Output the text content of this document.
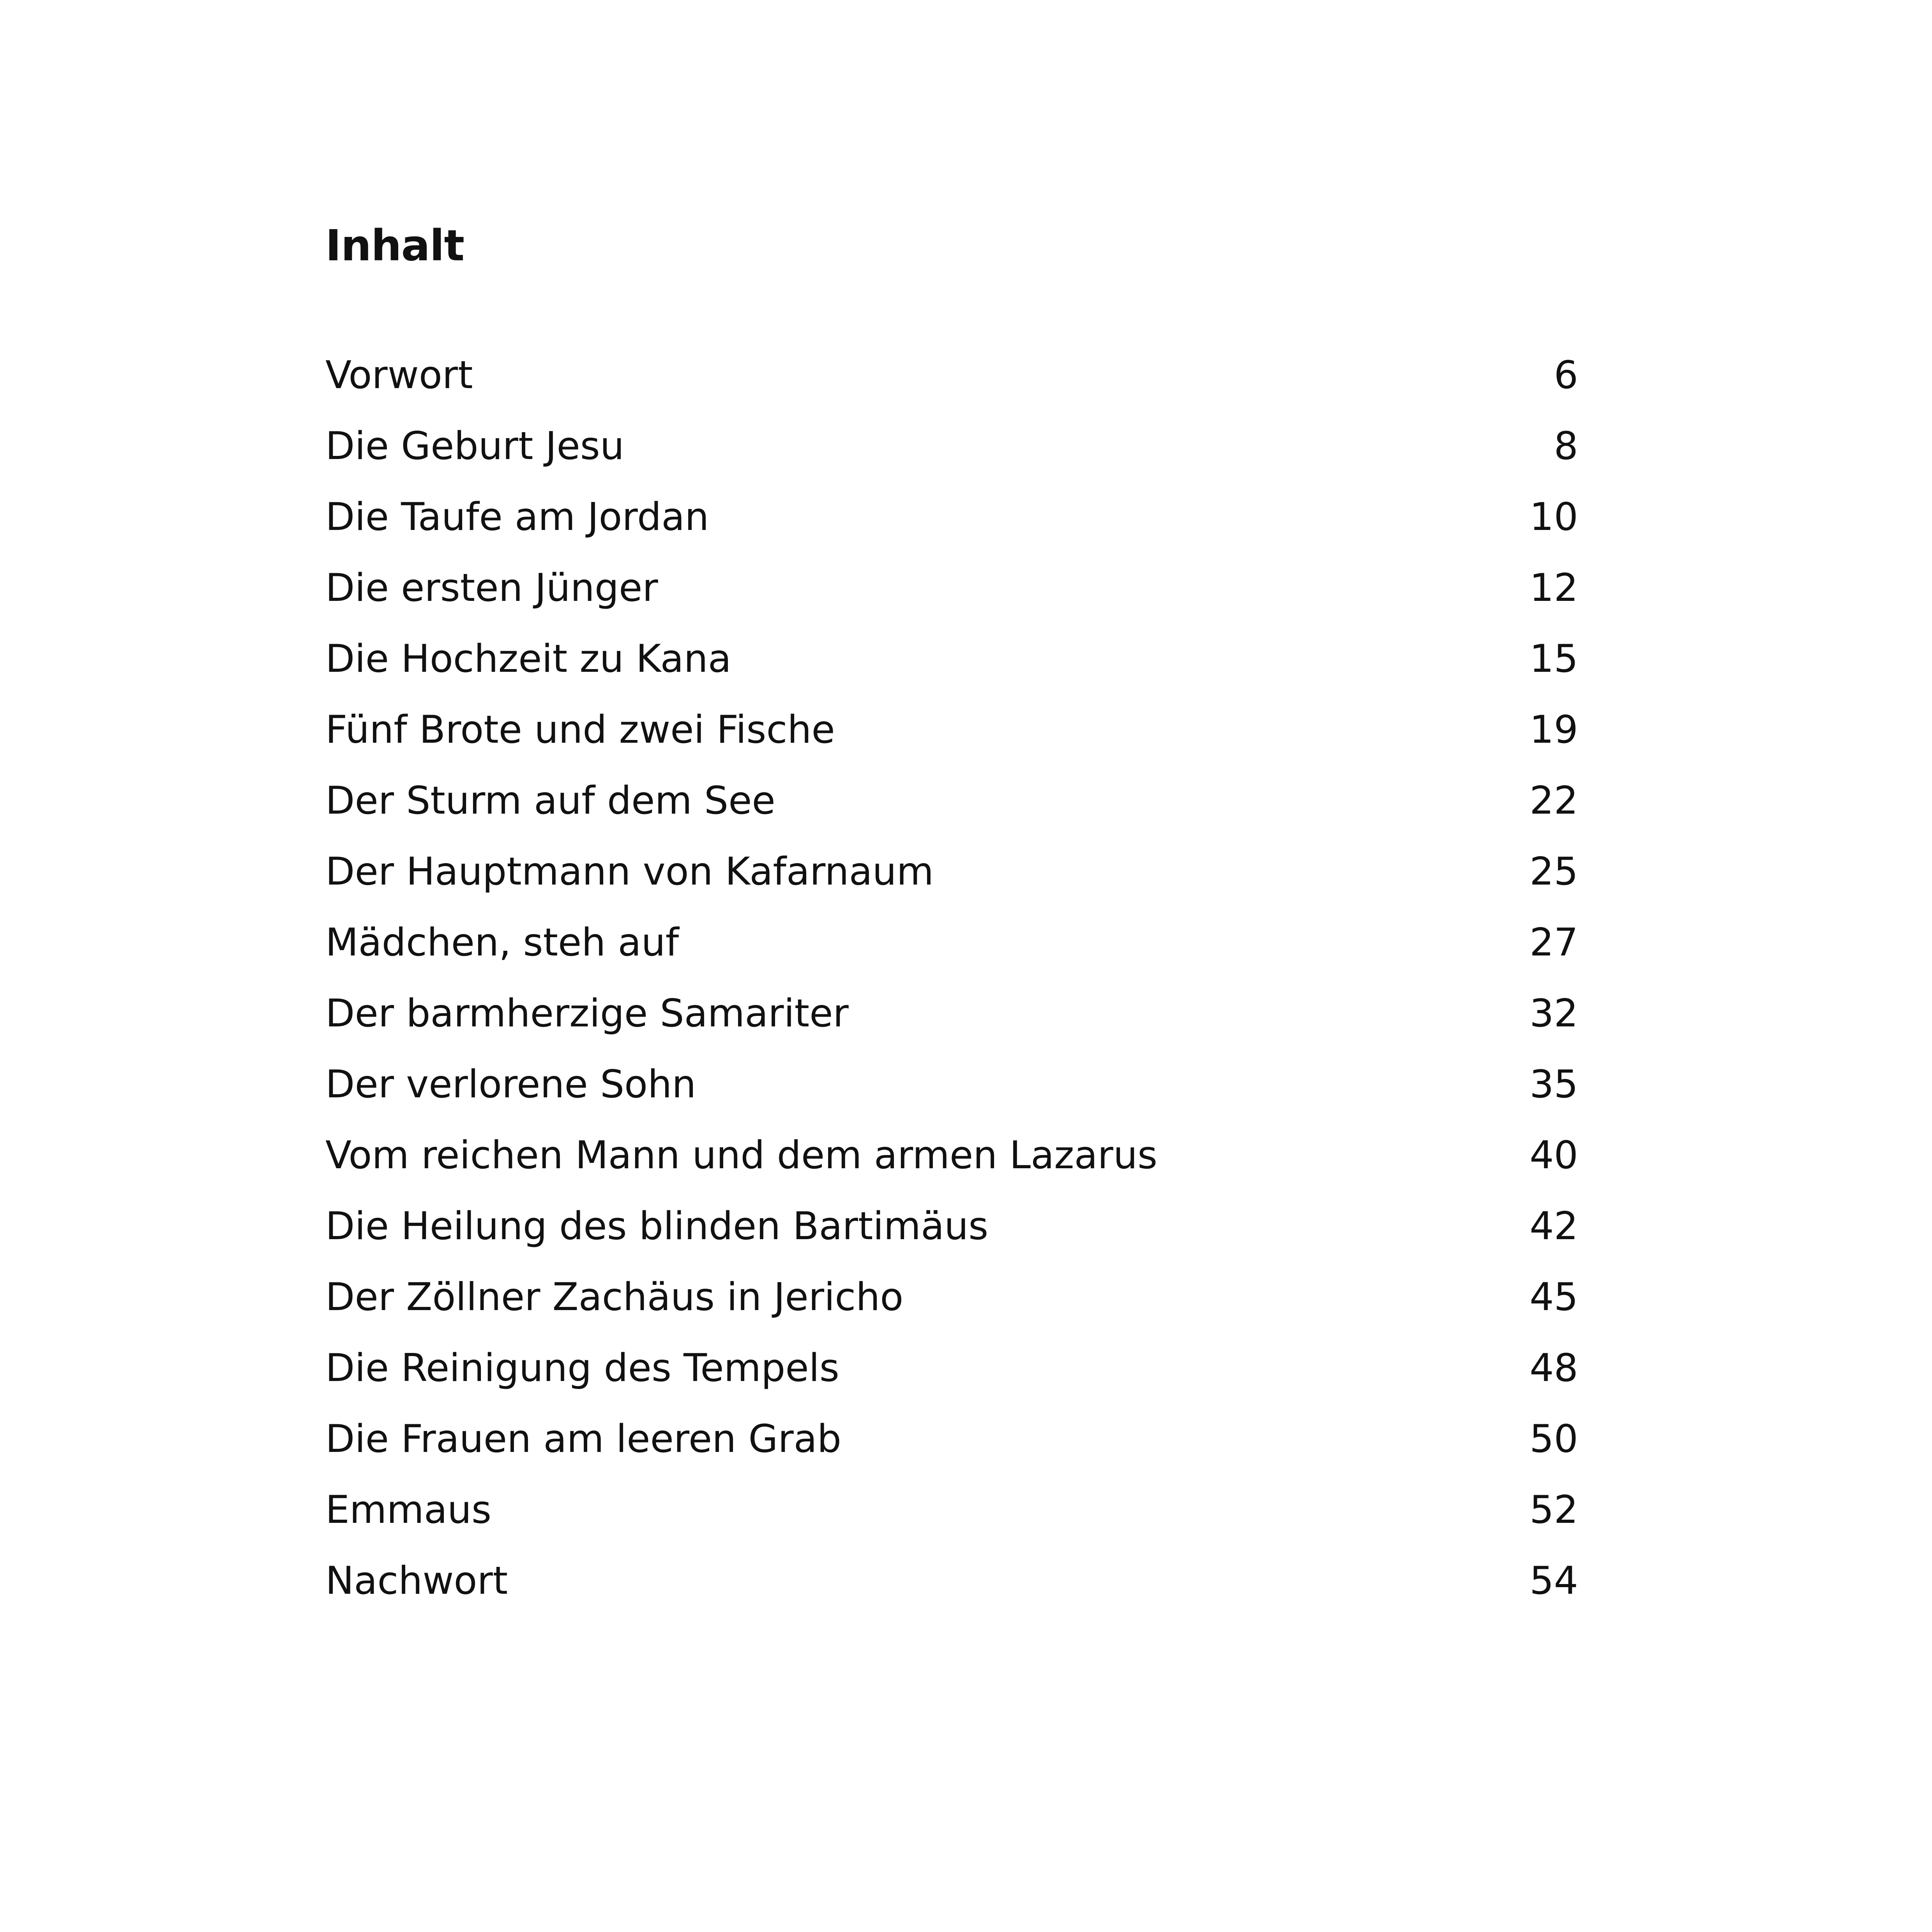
Inhalt
Vorwort	6
Die Geburt Jesu	8
Die Taufe am Jordan	10
Die ersten Jünger	12
Die Hochzeit zu Kana	15
Fünf Brote und zwei Fische	19
Der Sturm auf dem See	22
Der Hauptmann von Kafarnaum	25
Mädchen, steh auf	27
Der barmherzige Samariter	32
Der verlorene Sohn	35
Vom reichen Mann und dem armen Lazarus	40
Die Heilung des blinden Bartimäus	42
Der Zöllner Zachäus in Jericho	45
Die Reinigung des Tempels	48
Die Frauen am leeren Grab	50
Emmaus	52
Nachwort	54
